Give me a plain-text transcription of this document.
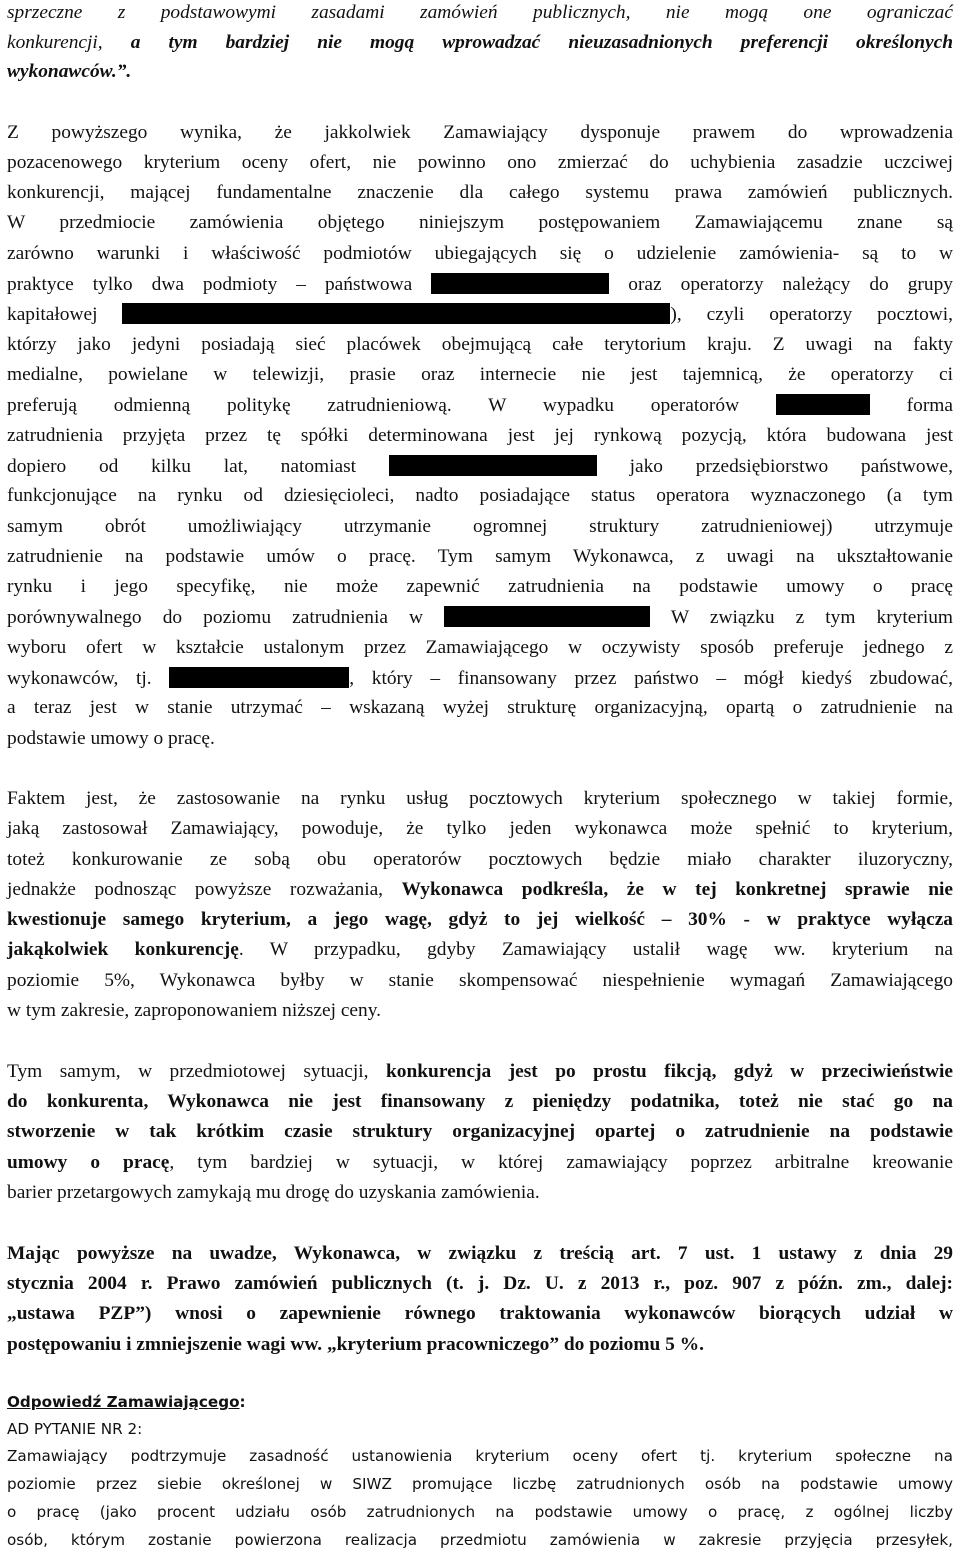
sprzeczne z podstawowymi zasadami zamówień publicznych, nie mogą one ograniczać
konkurencji, a tym bardziej nie mogą wprowadzać nieuzasadnionych preferencji określonych
wykonawców.”.
Z powyższego wynika, że jakkolwiek Zamawiający dysponuje prawem do wprowadzenia
pozacenowego kryterium oceny ofert, nie powinno ono zmierzać do uchybienia zasadzie uczciwej
konkurencji, mającej fundamentalne znaczenie dla całego systemu prawa zamówień publicznych.
W przedmiocie zamówienia objętego niniejszym postępowaniem Zamawiającemu znane są
zarówno warunki i właściwość podmiotów ubiegających się o udzielenie zamówienia- są to w
praktyce tylko dwa podmioty – państwowa	oraz operatorzy należący do grupy
kapitałowej	), czyli operatorzy pocztowi,
którzy jako jedyni posiadają sieć placówek obejmującą całe terytorium kraju. Z uwagi na fakty
medialne, powielane w telewizji, prasie oraz internecie nie jest tajemnicą, że operatorzy ci
preferują odmienną politykę zatrudnieniową. W wypadku operatorów	forma
zatrudnienia przyjęta przez tę spółki determinowana jest jej rynkową pozycją, która budowana jest
dopiero od kilku lat, natomiast	jako przedsiębiorstwo państwowe,
funkcjonujące na rynku od dziesięcioleci, nadto posiadające status operatora wyznaczonego (a tym
samym obrót umożliwiający utrzymanie ogromnej struktury zatrudnieniowej) utrzymuje
zatrudnienie na podstawie umów o pracę. Tym samym Wykonawca, z uwagi na ukształtowanie
rynku i jego specyfikę, nie może zapewnić zatrudnienia na podstawie umowy o pracę
porównywalnego do poziomu zatrudnienia w	W związku z tym kryterium
wyboru ofert w kształcie ustalonym przez Zamawiającego w oczywisty sposób preferuje jednego z
wykonawców, tj.	, który – finansowany przez państwo – mógł kiedyś zbudować,
a teraz jest w stanie utrzymać – wskazaną wyżej strukturę organizacyjną, opartą o zatrudnienie na
podstawie umowy o pracę.
Faktem jest, że zastosowanie na rynku usług pocztowych kryterium społecznego w takiej formie,
jaką zastosował Zamawiający, powoduje, że tylko jeden wykonawca może spełnić to kryterium,
toteż konkurowanie ze sobą obu operatorów pocztowych będzie miało charakter iluzoryczny,
jednakże podnosząc powyższe rozważania, Wykonawca podkreśla, że w tej konkretnej sprawie nie
kwestionuje samego kryterium, a jego wagę, gdyż to jej wielkość – 30% - w praktyce wyłącza
jakąkolwiek konkurencję. W przypadku, gdyby Zamawiający ustalił wagę ww. kryterium na
poziomie 5%, Wykonawca byłby w stanie skompensować niespełnienie wymagań Zamawiającego
w tym zakresie, zaproponowaniem niższej ceny.
Tym samym, w przedmiotowej sytuacji, konkurencja jest po prostu fikcją, gdyż w przeciwieństwie
do konkurenta, Wykonawca nie jest finansowany z pieniędzy podatnika, toteż nie stać go na
stworzenie w tak krótkim czasie struktury organizacyjnej opartej o zatrudnienie na podstawie
umowy o pracę, tym bardziej w sytuacji, w której zamawiający poprzez arbitralne kreowanie
barier przetargowych zamykają mu drogę do uzyskania zamówienia.
Mając powyższe na uwadze, Wykonawca, w związku z treścią art. 7 ust. 1 ustawy z dnia 29
stycznia 2004 r. Prawo zamówień publicznych (t. j. Dz. U. z 2013 r., poz. 907 z późn. zm., dalej:
„ustawa PZP”) wnosi o zapewnienie równego traktowania wykonawców biorących udział w
postępowaniu i zmniejszenie wagi ww. „kryterium pracowniczego” do poziomu 5 %.
Odpowiedź Zamawiającego:
AD PYTANIE NR 2:
Zamawiający podtrzymuje zasadność ustanowienia kryterium oceny ofert tj. kryterium społeczne na
poziomie przez siebie określonej w SIWZ promujące liczbę zatrudnionych osób na podstawie umowy
o pracę (jako procent udziału osób zatrudnionych na podstawie umowy o pracę, z ogólnej liczby
osób, którym zostanie powierzona realizacja przedmiotu zamówienia w zakresie przyjęcia przesyłek,
